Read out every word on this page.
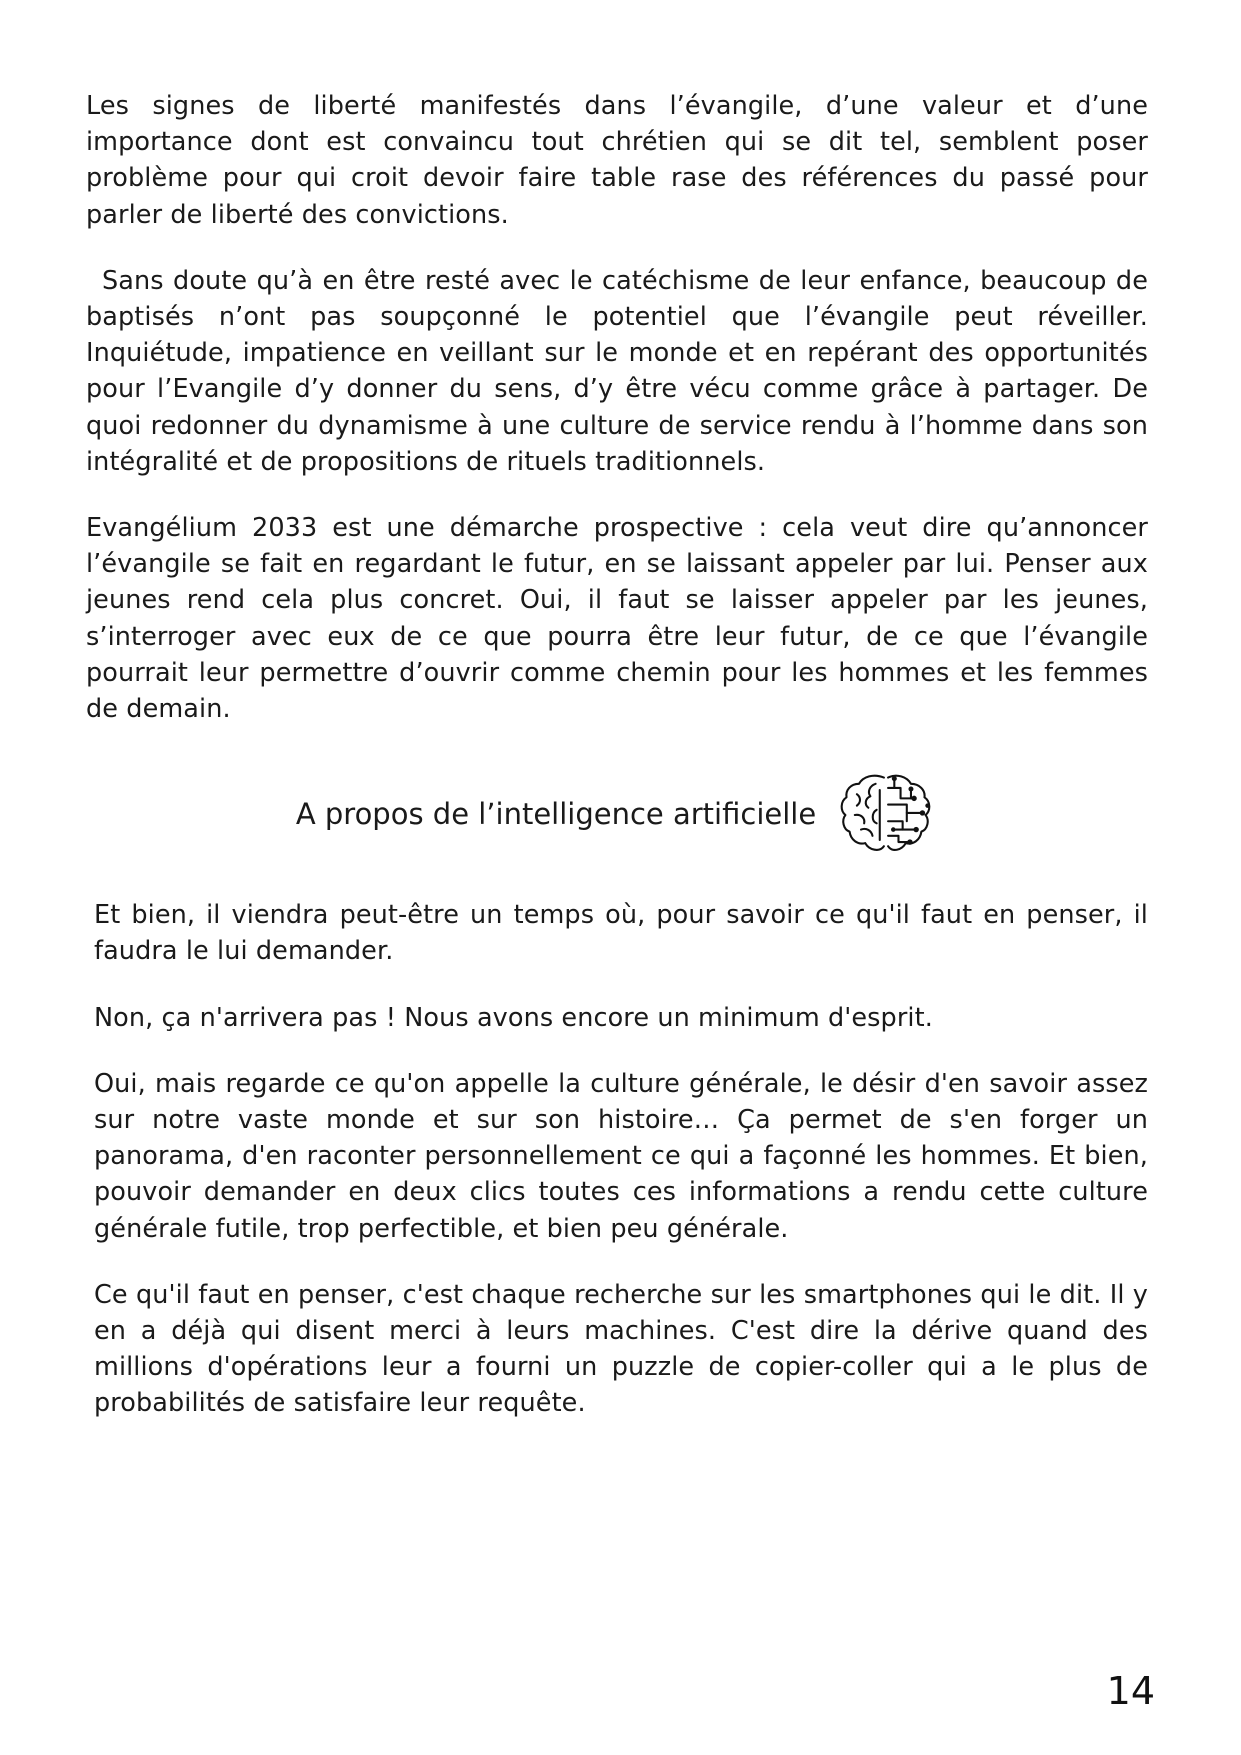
Les signes de liberté manifestés dans l’évangile, d’une valeur et d’une importance dont est convaincu tout chrétien qui se dit tel, semblent poser problème pour qui croit devoir faire table rase des références du passé pour parler de liberté des convictions.

Sans doute qu’à en être resté avec le catéchisme de leur enfance, beaucoup de baptisés n’ont pas soupçonné le potentiel que l’évangile peut réveiller. Inquiétude, impatience en veillant sur le monde et en repérant des opportunités pour l’Evangile d’y donner du sens, d’y être vécu comme grâce à partager. De quoi redonner du dynamisme à une culture de service rendu à l’homme dans son intégralité et de propositions de rituels traditionnels.

Evangélium 2033 est une démarche prospective : cela veut dire qu’annoncer l’évangile se fait en regardant le futur, en se laissant appeler par lui. Penser aux jeunes rend cela plus concret. Oui, il faut se laisser appeler par les jeunes, s’interroger avec eux de ce que pourra être leur futur, de ce que l’évangile pourrait leur permettre d’ouvrir comme chemin pour les hommes et les femmes de demain.

A propos de l’intelligence artificielle

Et bien, il viendra peut-être un temps où, pour savoir ce qu'il faut en penser, il faudra le lui demander.

Non, ça n'arrivera pas ! Nous avons encore un minimum d'esprit.

Oui, mais regarde ce qu'on appelle la culture générale, le désir d'en savoir assez sur notre vaste monde et sur son histoire… Ça permet de s'en forger un panorama, d'en raconter personnellement ce qui a façonné les hommes. Et bien, pouvoir demander en deux clics toutes ces informations a rendu cette culture générale futile, trop perfectible, et bien peu générale.

Ce qu'il faut en penser, c'est chaque recherche sur les smartphones qui le dit. Il y en a déjà qui disent merci à leurs machines. C'est dire la dérive quand des millions d'opérations leur a fourni un puzzle de copier-coller qui a le plus de probabilités de satisfaire leur requête.

14
